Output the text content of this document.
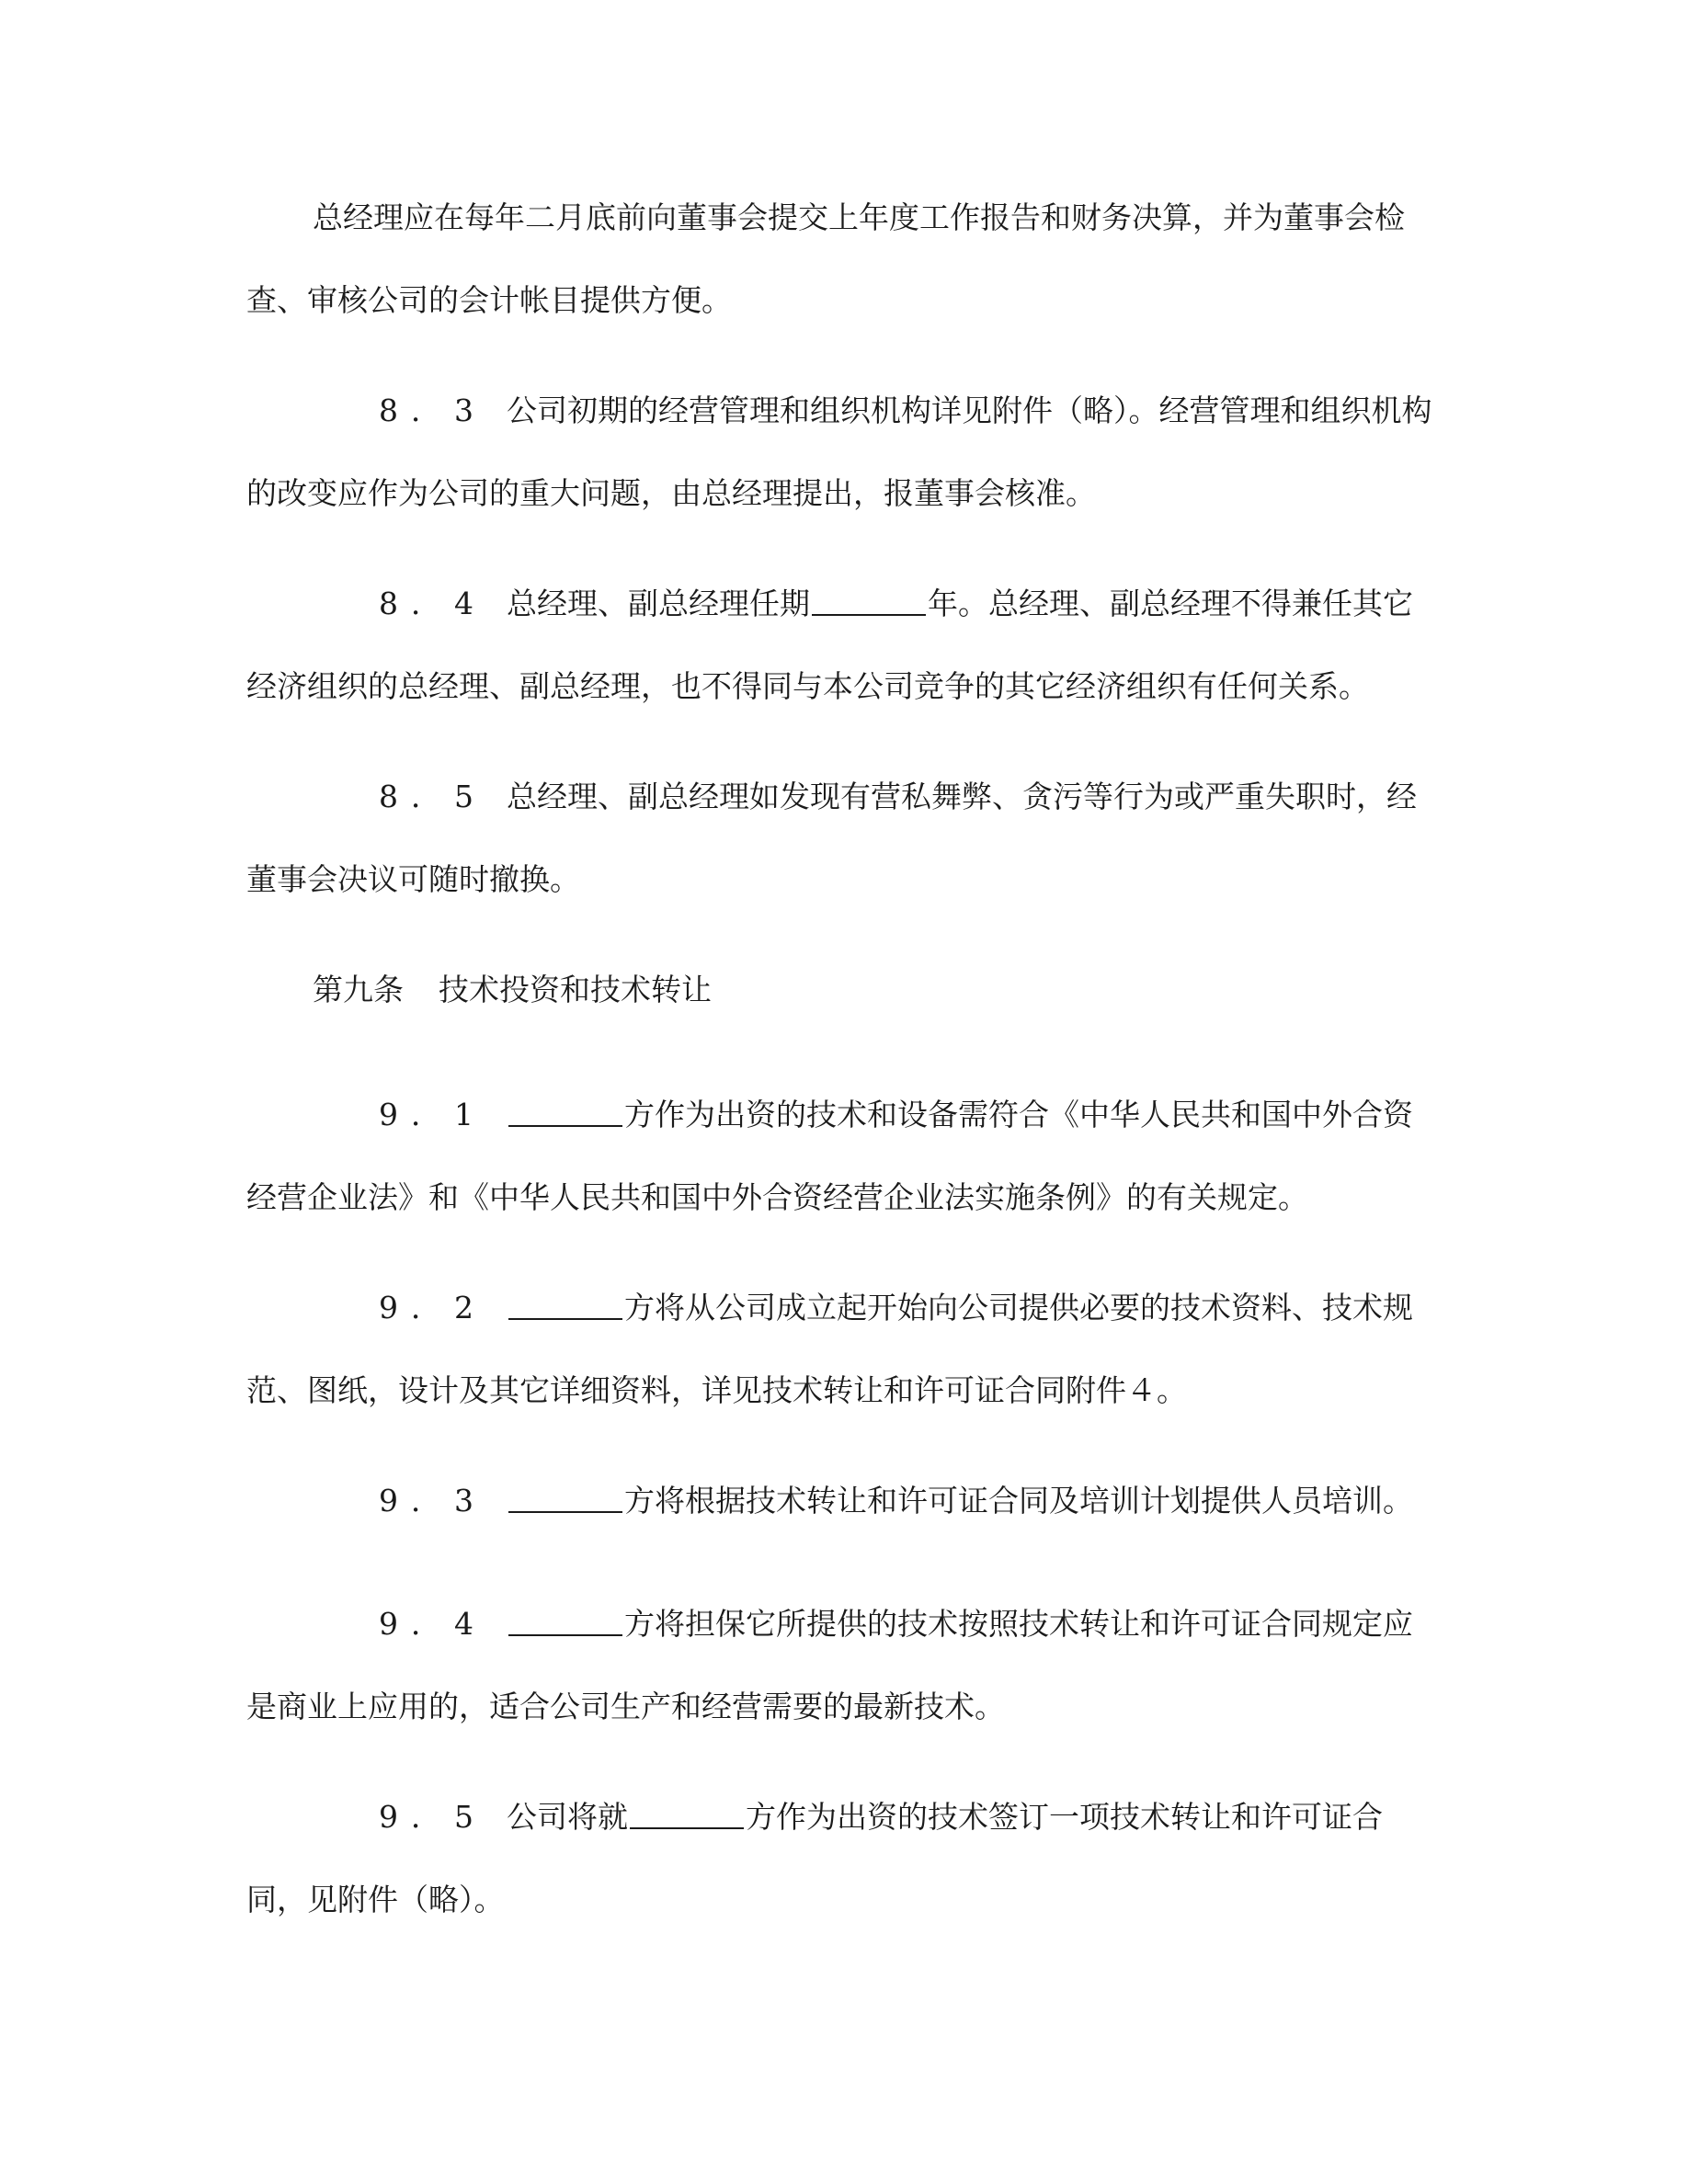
总经理应在每年二月底前向董事会提交上年度工作报告和财务决算，并为董事会检查、审核公司的会计帐目提供方便。

8．3 公司初期的经营管理和组织机构详见附件（略）。经营管理和组织机构的改变应作为公司的重大问题，由总经理提出，报董事会核准。

8．4 总经理、副总经理任期	年。总经理、副总经理不得兼任其它经济组织的总经理、副总经理，也不得同与本公司竞争的其它经济组织有任何关系。

8．5 总经理、副总经理如发现有营私舞弊、贪污等行为或严重失职时，经董事会决议可随时撤换。

第九条 技术投资和技术转让

9．1	方作为出资的技术和设备需符合《中华人民共和国中外合资经营企业法》和《中华人民共和国中外合资经营企业法实施条例》的有关规定。

9．2	方将从公司成立起开始向公司提供必要的技术资料、技术规范、图纸，设计及其它详细资料，详见技术转让和许可证合同附件４。

9．3	方将根据技术转让和许可证合同及培训计划提供人员培训。

9．4	方将担保它所提供的技术按照技术转让和许可证合同规定应是商业上应用的，适合公司生产和经营需要的最新技术。

9．5 公司将就	方作为出资的技术签订一项技术转让和许可证合同，见附件（略）。
